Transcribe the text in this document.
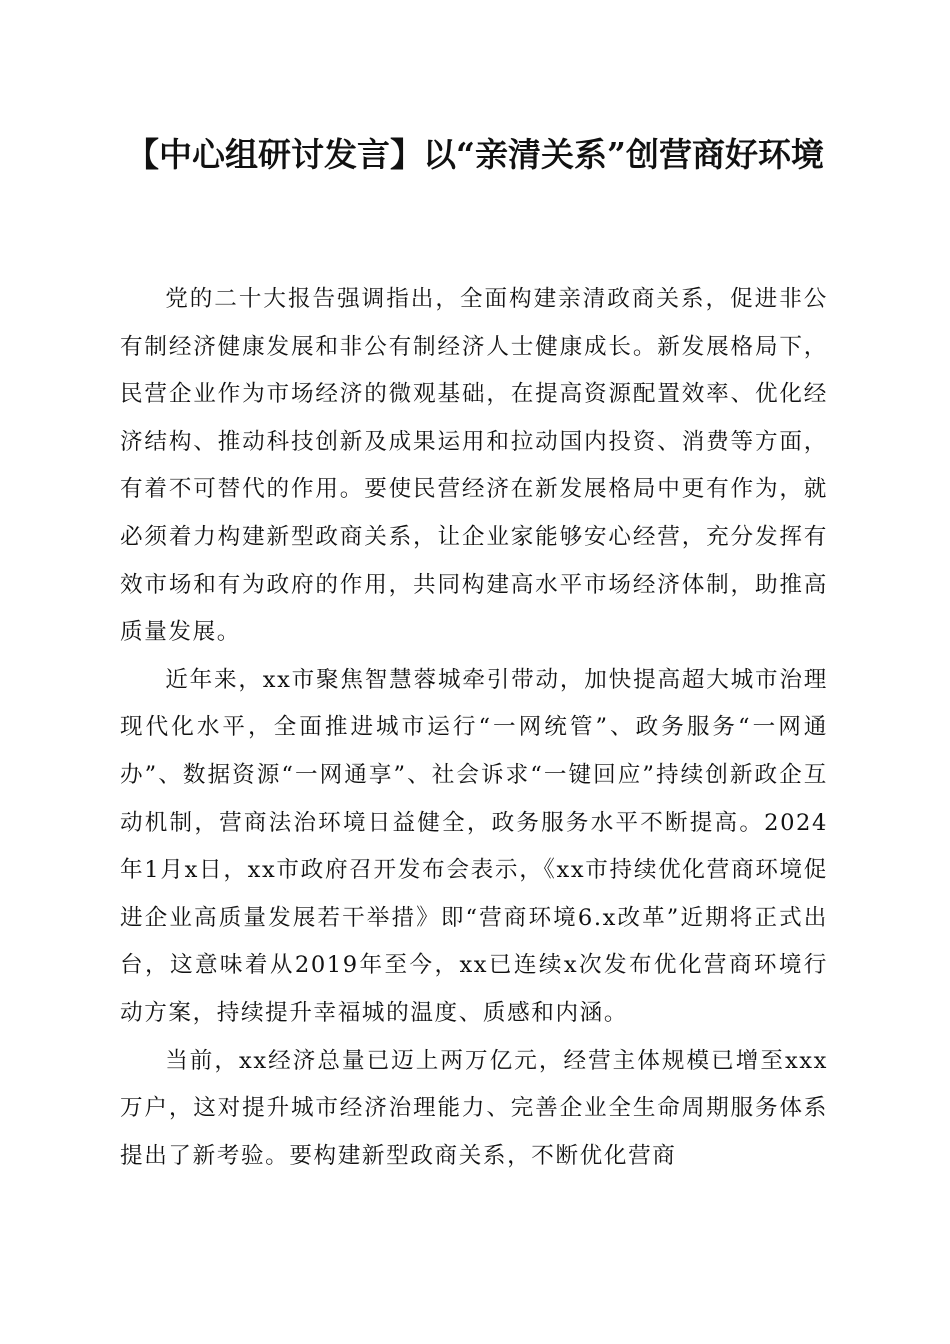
【中心组研讨发言】以“亲清关系”创营商好环境

党的二十大报告强调指出，全面构建亲清政商关系，促进非公有制经济健康发展和非公有制经济人士健康成长。新发展格局下，民营企业作为市场经济的微观基础，在提高资源配置效率、优化经济结构、推动科技创新及成果运用和拉动国内投资、消费等方面，有着不可替代的作用。要使民营经济在新发展格局中更有作为，就必须着力构建新型政商关系，让企业家能够安心经营，充分发挥有效市场和有为政府的作用，共同构建高水平市场经济体制，助推高质量发展。

近年来，xx市聚焦智慧蓉城牵引带动，加快提高超大城市治理现代化水平，全面推进城市运行“一网统管”、政务服务“一网通办”、数据资源“一网通享”、社会诉求“一键回应”持续创新政企互动机制，营商法治环境日益健全，政务服务水平不断提高。2024年1月x日，xx市政府召开发布会表示，《xx市持续优化营商环境促进企业高质量发展若干举措》即“营商环境6.x改革”近期将正式出台，这意味着从2019年至今，xx已连续x次发布优化营商环境行动方案，持续提升幸福城的温度、质感和内涵。

当前，xx经济总量已迈上两万亿元，经营主体规模已增至xxx万户，这对提升城市经济治理能力、完善企业全生命周期服务体系提出了新考验。要构建新型政商关系，不断优化营商
